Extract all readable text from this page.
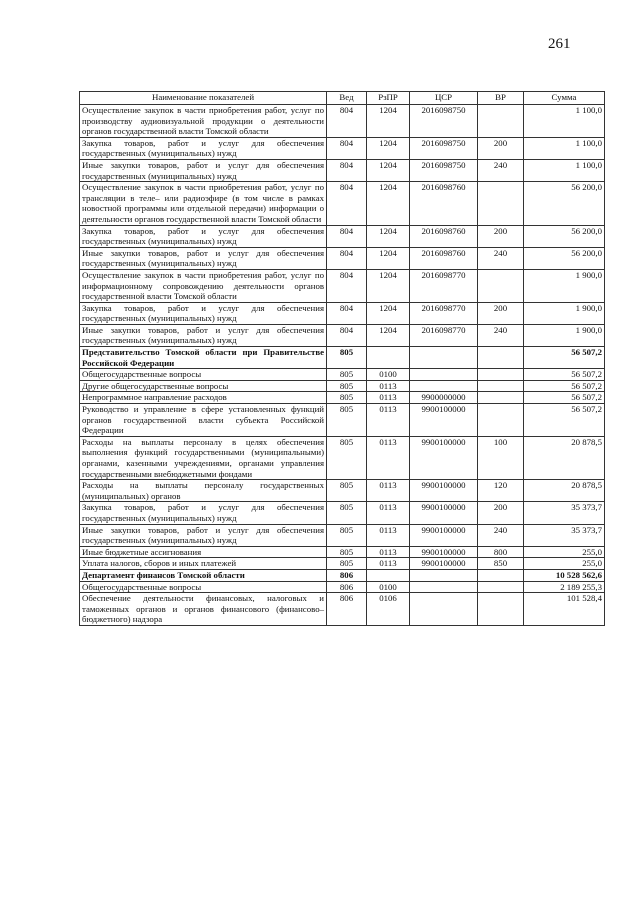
261
Наименование показателей	Вед	РзПР	ЦСР	ВР	Сумма
Осуществление закупок в части приобретения работ, услуг по производству аудиовизуальной продукции о деятельности органов государственной власти Томской области	804	1204	2016098750		1 100,0
Закупка товаров, работ и услуг для обеспечения государственных (муниципальных) нужд	804	1204	2016098750	200	1 100,0
Иные закупки товаров, работ и услуг для обеспечения государственных (муниципальных) нужд	804	1204	2016098750	240	1 100,0
Осуществление закупок в части приобретения работ, услуг по трансляции в теле– или радиоэфире (в том числе в рамках новостной программы или отдельной передачи) информации о деятельности органов государственной власти Томской области	804	1204	2016098760		56 200,0
Закупка товаров, работ и услуг для обеспечения государственных (муниципальных) нужд	804	1204	2016098760	200	56 200,0
Иные закупки товаров, работ и услуг для обеспечения государственных (муниципальных) нужд	804	1204	2016098760	240	56 200,0
Осуществление закупок в части приобретения работ, услуг по информационному сопровождению деятельности органов государственной власти Томской области	804	1204	2016098770		1 900,0
Закупка товаров, работ и услуг для обеспечения государственных (муниципальных) нужд	804	1204	2016098770	200	1 900,0
Иные закупки товаров, работ и услуг для обеспечения государственных (муниципальных) нужд	804	1204	2016098770	240	1 900,0
Представительство Томской области при Правительстве Российской Федерации	805				56 507,2
Общегосударственные вопросы	805	0100			56 507,2
Другие общегосударственные вопросы	805	0113			56 507,2
Непрограммное направление расходов	805	0113	9900000000		56 507,2
Руководство и управление в сфере установленных функций органов государственной власти субъекта Российской Федерации	805	0113	9900100000		56 507,2
Расходы на выплаты персоналу в целях обеспечения выполнения функций государственными (муниципальными) органами, казенными учреждениями, органами управления государственными внебюджетными фондами	805	0113	9900100000	100	20 878,5
Расходы на выплаты персоналу государственных (муниципальных) органов	805	0113	9900100000	120	20 878,5
Закупка товаров, работ и услуг для обеспечения государственных (муниципальных) нужд	805	0113	9900100000	200	35 373,7
Иные закупки товаров, работ и услуг для обеспечения государственных (муниципальных) нужд	805	0113	9900100000	240	35 373,7
Иные бюджетные ассигнования	805	0113	9900100000	800	255,0
Уплата налогов, сборов и иных платежей	805	0113	9900100000	850	255,0
Департамент финансов Томской области	806				10 528 562,6
Общегосударственные вопросы	806	0100			2 189 255,3
Обеспечение деятельности финансовых, налоговых и таможенных органов и органов финансового (финансово–бюджетного) надзора	806	0106			101 528,4
